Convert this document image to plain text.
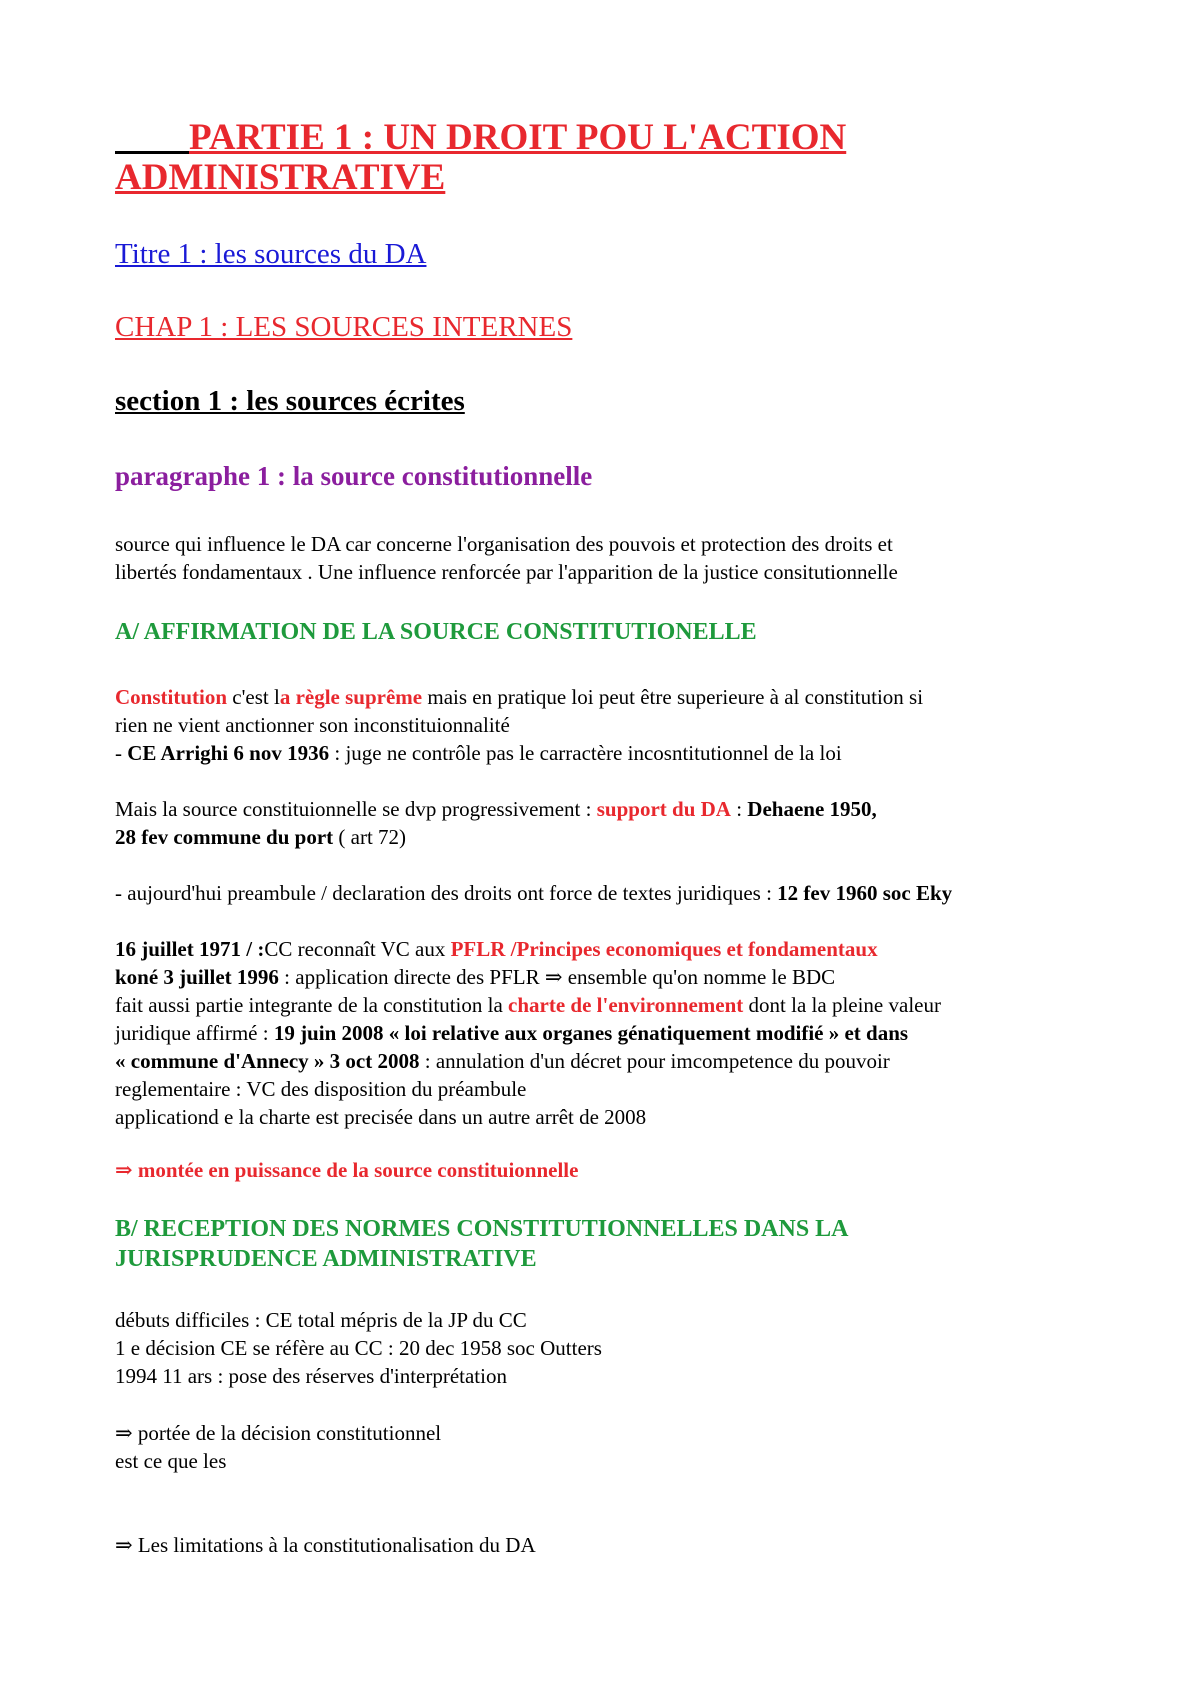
PARTIE 1 : UN DROIT POU L'ACTION
ADMINISTRATIVE
Titre 1 : les sources du DA
CHAP 1 : LES SOURCES INTERNES
section 1 : les sources écrites
paragraphe 1 : la source constitutionnelle
source qui influence le DA car concerne l'organisation des pouvois et protection des droits et
libertés fondamentaux . Une influence renforcée par l'apparition de la justice consitutionnelle
A/ AFFIRMATION DE LA SOURCE CONSTITUTIONELLE
Constitution c'est la règle suprême mais en pratique loi peut être superieure à al constitution si
rien ne vient anctionner son inconstituionnalité
- CE Arrighi 6 nov 1936 : juge ne contrôle pas le carractère incosntitutionnel de la loi
Mais la source constituionnelle se dvp progressivement : support du DA : Dehaene 1950,
28 fev commune du port ( art 72)
- aujourd'hui preambule / declaration des droits ont force de textes juridiques : 12 fev 1960 soc Eky
16 juillet 1971 / :CC reconnaît VC aux PFLR /Principes economiques et fondamentaux
koné 3 juillet 1996 : application directe des PFLR ⇒ ensemble qu'on nomme le BDC
fait aussi partie integrante de la constitution la charte de l'environnement dont la la pleine valeur
juridique affirmé : 19 juin 2008 « loi relative aux organes génatiquement modifié » et dans
« commune d'Annecy » 3 oct 2008 : annulation d'un décret pour imcompetence du pouvoir
reglementaire : VC des disposition du préambule
applicationd e la charte est precisée dans un autre arrêt de 2008
⇒ montée en puissance de la source constituionnelle
B/ RECEPTION DES NORMES CONSTITUTIONNELLES DANS LA
JURISPRUDENCE ADMINISTRATIVE
débuts difficiles : CE total mépris de la JP du CC
1 e décision CE se réfère au CC : 20 dec 1958 soc Outters
1994 11 ars : pose des réserves d'interprétation
⇒ portée de la décision constitutionnel
est ce que les
⇒ Les limitations à la constitutionalisation du DA
